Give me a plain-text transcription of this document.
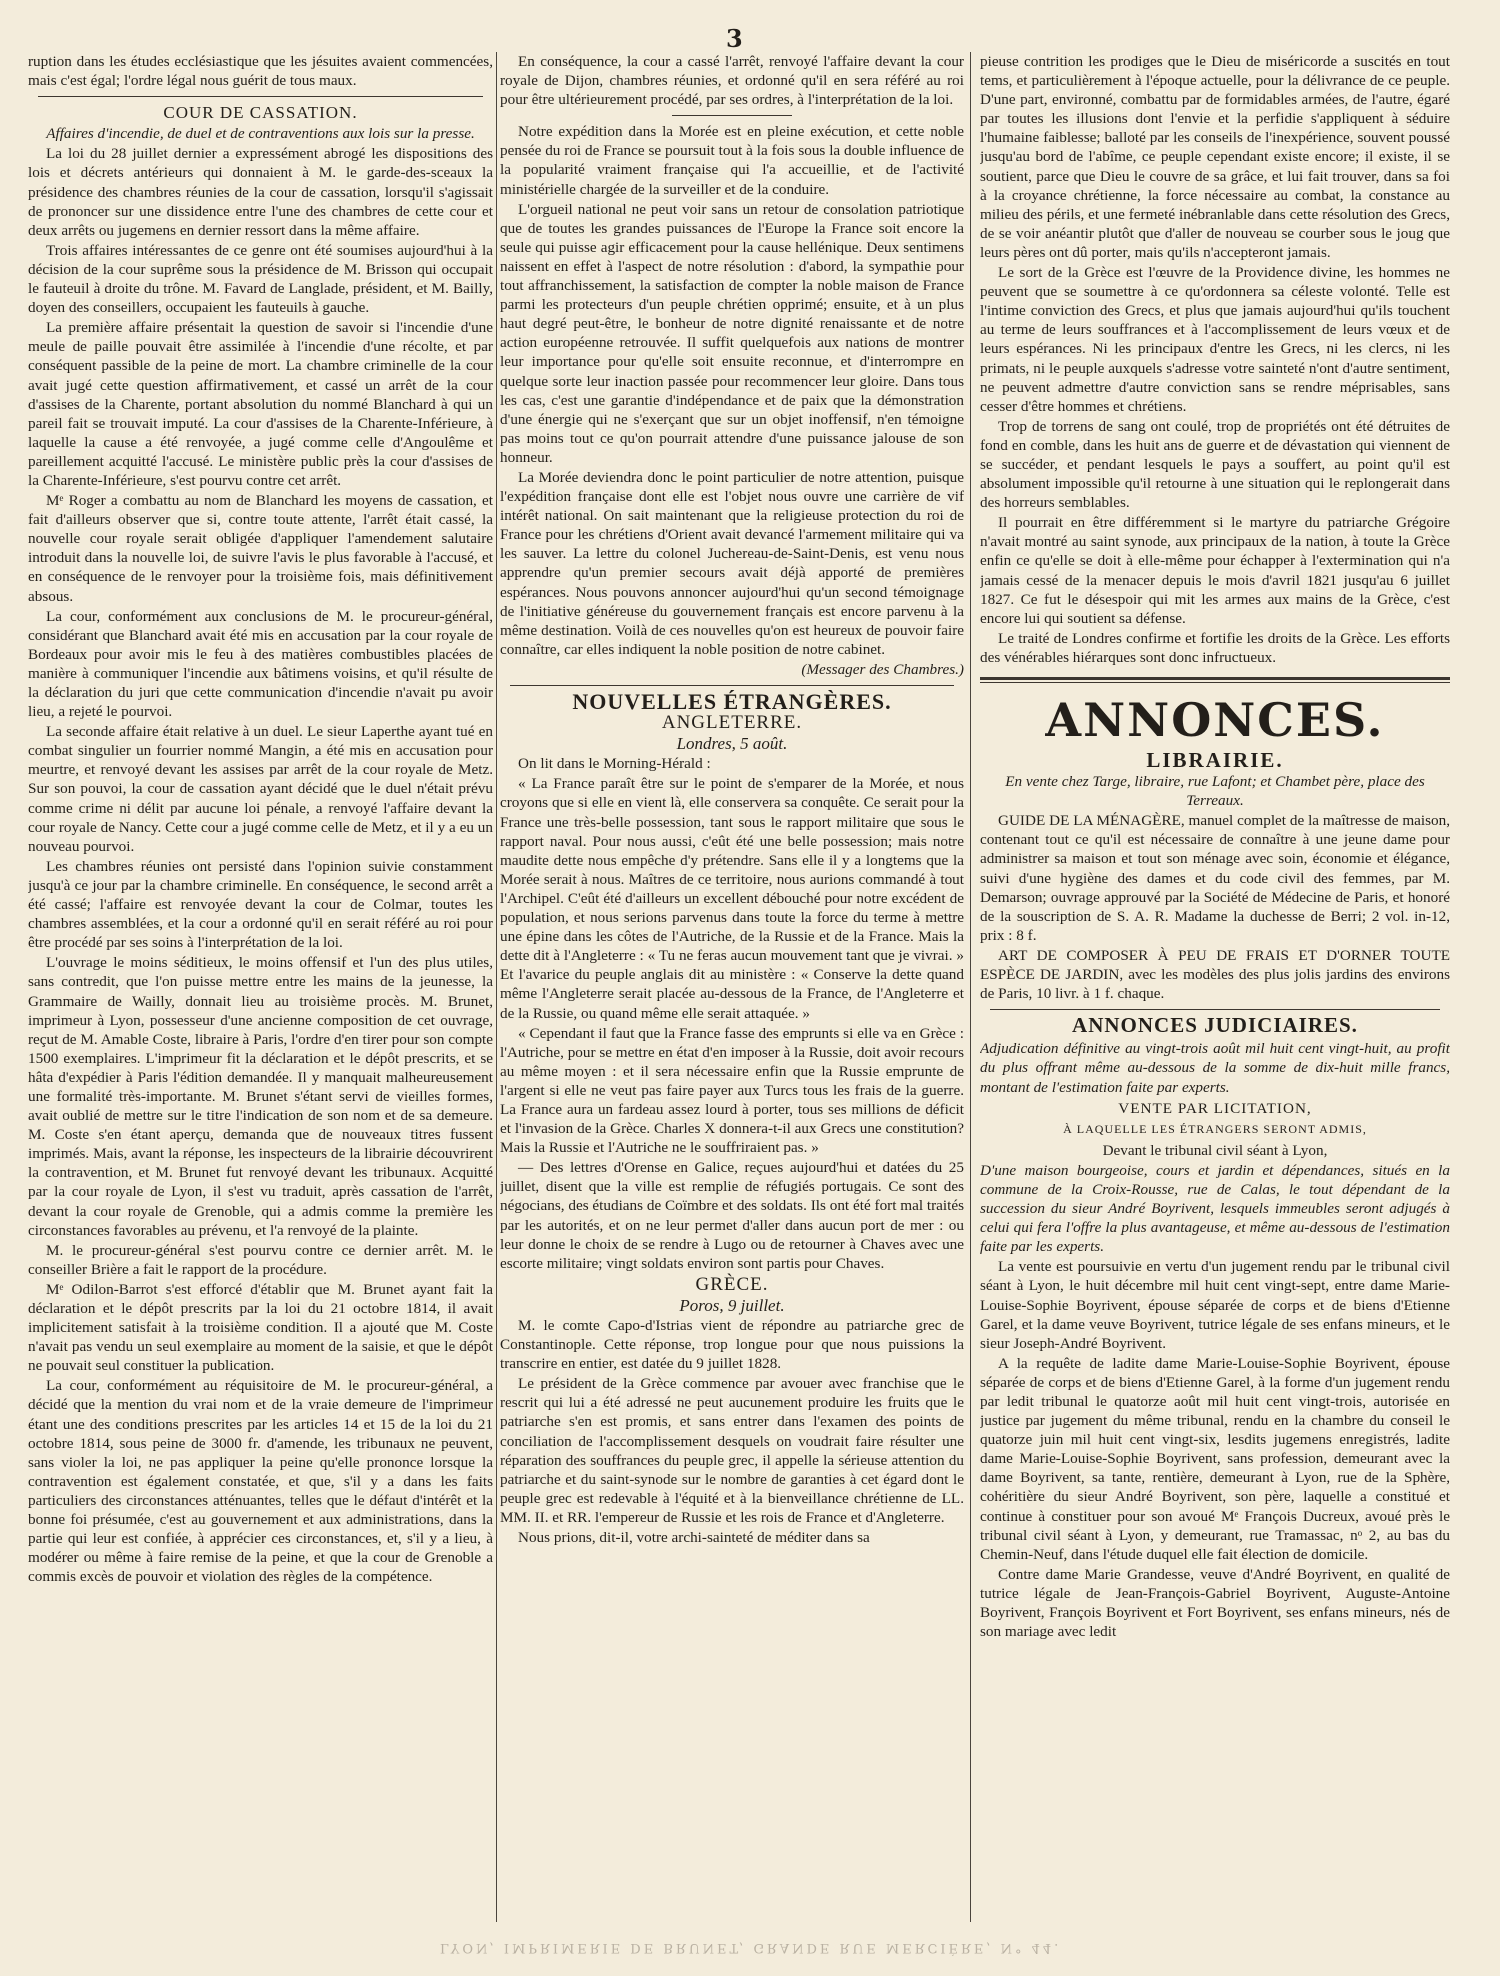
3

ruption dans les études ecclésiastique que les jésuites avaient commencées, mais c'est égal; l'ordre légal nous guérit de tous maux.

COUR DE CASSATION.
Affaires d'incendie, de duel et de contraventions aux lois sur la presse.

La loi du 28 juillet dernier a expressément abrogé les dispositions des lois et décrets antérieurs qui donnaient à M. le garde-des-sceaux la présidence des chambres réunies de la cour de cassation, lorsqu'il s'agissait de prononcer sur une dissidence entre l'une des chambres de cette cour et deux arrêts ou jugemens en dernier ressort dans la même affaire.

Trois affaires intéressantes de ce genre ont été soumises aujourd'hui à la décision de la cour suprême sous la présidence de M. Brisson qui occupait le fauteuil à droite du trône. M. Favard de Langlade, président, et M. Bailly, doyen des conseillers, occupaient les fauteuils à gauche.

La première affaire présentait la question de savoir si l'incendie d'une meule de paille pouvait être assimilée à l'incendie d'une récolte, et par conséquent passible de la peine de mort. La chambre criminelle de la cour avait jugé cette question affirmativement, et cassé un arrêt de la cour d'assises de la Charente, portant absolution du nommé Blanchard à qui un pareil fait se trouvait imputé. La cour d'assises de la Charente-Inférieure, à laquelle la cause a été renvoyée, a jugé comme celle d'Angoulême et pareillement acquitté l'accusé. Le ministère public près la cour d'assises de la Charente-Inférieure, s'est pourvu contre cet arrêt.

Mᵉ Roger a combattu au nom de Blanchard les moyens de cassation, et fait d'ailleurs observer que si, contre toute attente, l'arrêt était cassé, la nouvelle cour royale serait obligée d'appliquer l'amendement salutaire introduit dans la nouvelle loi, de suivre l'avis le plus favorable à l'accusé, et en conséquence de le renvoyer pour la troisième fois, mais définitivement absous.

La cour, conformément aux conclusions de M. le procureur-général, considérant que Blanchard avait été mis en accusation par la cour royale de Bordeaux pour avoir mis le feu à des matières combustibles placées de manière à communiquer l'incendie aux bâtimens voisins, et qu'il résulte de la déclaration du juri que cette communication d'incendie n'avait pu avoir lieu, a rejeté le pourvoi.

La seconde affaire était relative à un duel. Le sieur Laperthe ayant tué en combat singulier un fourrier nommé Mangin, a été mis en accusation pour meurtre, et renvoyé devant les assises par arrêt de la cour royale de Metz. Sur son pouvoi, la cour de cassation ayant décidé que le duel n'était prévu comme crime ni délit par aucune loi pénale, a renvoyé l'affaire devant la cour royale de Nancy. Cette cour a jugé comme celle de Metz, et il y a eu un nouveau pourvoi.

Les chambres réunies ont persisté dans l'opinion suivie constamment jusqu'à ce jour par la chambre criminelle. En conséquence, le second arrêt a été cassé; l'affaire est renvoyée devant la cour de Colmar, toutes les chambres assemblées, et la cour a ordonné qu'il en serait référé au roi pour être procédé par ses soins à l'interprétation de la loi.

L'ouvrage le moins séditieux, le moins offensif et l'un des plus utiles, sans contredit, que l'on puisse mettre entre les mains de la jeunesse, la Grammaire de Wailly, donnait lieu au troisième procès. M. Brunet, imprimeur à Lyon, possesseur d'une ancienne composition de cet ouvrage, reçut de M. Amable Coste, libraire à Paris, l'ordre d'en tirer pour son compte 1500 exemplaires. L'imprimeur fit la déclaration et le dépôt prescrits, et se hâta d'expédier à Paris l'édition demandée. Il y manquait malheureusement une formalité très-importante. M. Brunet s'étant servi de vieilles formes, avait oublié de mettre sur le titre l'indication de son nom et de sa demeure. M. Coste s'en étant aperçu, demanda que de nouveaux titres fussent imprimés. Mais, avant la réponse, les inspecteurs de la librairie découvrirent la contravention, et M. Brunet fut renvoyé devant les tribunaux. Acquitté par la cour royale de Lyon, il s'est vu traduit, après cassation de l'arrêt, devant la cour royale de Grenoble, qui a admis comme la première les circonstances favorables au prévenu, et l'a renvoyé de la plainte.

M. le procureur-général s'est pourvu contre ce dernier arrêt. M. le conseiller Brière a fait le rapport de la procédure.

Mᵉ Odilon-Barrot s'est efforcé d'établir que M. Brunet ayant fait la déclaration et le dépôt prescrits par la loi du 21 octobre 1814, il avait implicitement satisfait à la troisième condition. Il a ajouté que M. Coste n'avait pas vendu un seul exemplaire au moment de la saisie, et que le dépôt ne pouvait seul constituer la publication.

La cour, conformément au réquisitoire de M. le procureur-général, a décidé que la mention du vrai nom et de la vraie demeure de l'imprimeur étant une des conditions prescrites par les articles 14 et 15 de la loi du 21 octobre 1814, sous peine de 3000 fr. d'amende, les tribunaux ne peuvent, sans violer la loi, ne pas appliquer la peine qu'elle prononce lorsque la contravention est également constatée, et que, s'il y a dans les faits particuliers des circonstances atténuantes, telles que le défaut d'intérêt et la bonne foi présumée, c'est au gouvernement et aux administrations, dans la partie qui leur est confiée, à apprécier ces circonstances, et, s'il y a lieu, à modérer ou même à faire remise de la peine, et que la cour de Grenoble a commis excès de pouvoir et violation des règles de la compétence.

En conséquence, la cour a cassé l'arrêt, renvoyé l'affaire devant la cour royale de Dijon, chambres réunies, et ordonné qu'il en sera référé au roi pour être ultérieurement procédé, par ses ordres, à l'interprétation de la loi.

Notre expédition dans la Morée est en pleine exécution, et cette noble pensée du roi de France se poursuit tout à la fois sous la double influence de la popularité vraiment française qui l'a accueillie, et de l'activité ministérielle chargée de la surveiller et de la conduire.

L'orgueil national ne peut voir sans un retour de consolation patriotique que de toutes les grandes puissances de l'Europe la France soit encore la seule qui puisse agir efficacement pour la cause hellénique. Deux sentimens naissent en effet à l'aspect de notre résolution : d'abord, la sympathie pour tout affranchissement, la satisfaction de compter la noble maison de France parmi les protecteurs d'un peuple chrétien opprimé; ensuite, et à un plus haut degré peut-être, le bonheur de notre dignité renaissante et de notre action européenne retrouvée. Il suffit quelquefois aux nations de montrer leur importance pour qu'elle soit ensuite reconnue, et d'interrompre en quelque sorte leur inaction passée pour recommencer leur gloire. Dans tous les cas, c'est une garantie d'indépendance et de paix que la démonstration d'une énergie qui ne s'exerçant que sur un objet inoffensif, n'en témoigne pas moins tout ce qu'on pourrait attendre d'une puissance jalouse de son honneur.

La Morée deviendra donc le point particulier de notre attention, puisque l'expédition française dont elle est l'objet nous ouvre une carrière de vif intérêt national. On sait maintenant que la religieuse protection du roi de France pour les chrétiens d'Orient avait devancé l'armement militaire qui va les sauver. La lettre du colonel Juchereau-de-Saint-Denis, est venu nous apprendre qu'un premier secours avait déjà apporté de premières espérances. Nous pouvons annoncer aujourd'hui qu'un second témoignage de l'initiative généreuse du gouvernement français est encore parvenu à la même destination. Voilà de ces nouvelles qu'on est heureux de pouvoir faire connaître, car elles indiquent la noble position de notre cabinet.

(Messager des Chambres.)
NOUVELLES ÉTRANGÈRES.
ANGLETERRE.
Londres, 5 août.

On lit dans le Morning-Hérald :

« La France paraît être sur le point de s'emparer de la Morée, et nous croyons que si elle en vient là, elle conservera sa conquête. Ce serait pour la France une très-belle possession, tant sous le rapport militaire que sous le rapport naval. Pour nous aussi, c'eût été une belle possession; mais notre maudite dette nous empêche d'y prétendre. Sans elle il y a longtems que la Morée serait à nous. Maîtres de ce territoire, nous aurions commandé à tout l'Archipel. C'eût été d'ailleurs un excellent débouché pour notre excédent de population, et nous serions parvenus dans toute la force du terme à mettre une épine dans les côtes de l'Autriche, de la Russie et de la France. Mais la dette dit à l'Angleterre : « Tu ne feras aucun mouvement tant que je vivrai. » Et l'avarice du peuple anglais dit au ministère : « Conserve la dette quand même l'Angleterre serait placée au-dessous de la France, de l'Angleterre et de la Russie, ou quand même elle serait attaquée. »

« Cependant il faut que la France fasse des emprunts si elle va en Grèce : l'Autriche, pour se mettre en état d'en imposer à la Russie, doit avoir recours au même moyen : et il sera nécessaire enfin que la Russie emprunte de l'argent si elle ne veut pas faire payer aux Turcs tous les frais de la guerre. La France aura un fardeau assez lourd à porter, tous ses millions de déficit et l'invasion de la Grèce. Charles X donnera-t-il aux Grecs une constitution? Mais la Russie et l'Autriche ne le souffriraient pas. »

— Des lettres d'Orense en Galice, reçues aujourd'hui et datées du 25 juillet, disent que la ville est remplie de réfugiés portugais. Ce sont des négocians, des étudians de Coïmbre et des soldats. Ils ont été fort mal traités par les autorités, et on ne leur permet d'aller dans aucun port de mer : ou leur donne le choix de se rendre à Lugo ou de retourner à Chaves avec une escorte militaire; vingt soldats environ sont partis pour Chaves.

GRÈCE.
Poros, 9 juillet.

M. le comte Capo-d'Istrias vient de répondre au patriarche grec de Constantinople. Cette réponse, trop longue pour que nous puissions la transcrire en entier, est datée du 9 juillet 1828.

Le président de la Grèce commence par avouer avec franchise que le rescrit qui lui a été adressé ne peut aucunement produire les fruits que le patriarche s'en est promis, et sans entrer dans l'examen des points de conciliation de l'accomplissement desquels on voudrait faire résulter une réparation des souffrances du peuple grec, il appelle la sérieuse attention du patriarche et du saint-synode sur le nombre de garanties à cet égard dont le peuple grec est redevable à l'équité et à la bienveillance chrétienne de LL. MM. II. et RR. l'empereur de Russie et les rois de France et d'Angleterre.

Nous prions, dit-il, votre archi-sainteté de méditer dans sa

pieuse contrition les prodiges que le Dieu de miséricorde a suscités en tout tems, et particulièrement à l'époque actuelle, pour la délivrance de ce peuple. D'une part, environné, combattu par de formidables armées, de l'autre, égaré par toutes les illusions dont l'envie et la perfidie s'appliquent à séduire l'humaine faiblesse; balloté par les conseils de l'inexpérience, souvent poussé jusqu'au bord de l'abîme, ce peuple cependant existe encore; il existe, il se soutient, parce que Dieu le couvre de sa grâce, et lui fait trouver, dans sa foi à la croyance chrétienne, la force nécessaire au combat, la constance au milieu des périls, et une fermeté inébranlable dans cette résolution des Grecs, de se voir anéantir plutôt que d'aller de nouveau se courber sous le joug que leurs pères ont dû porter, mais qu'ils n'accepteront jamais.

Le sort de la Grèce est l'œuvre de la Providence divine, les hommes ne peuvent que se soumettre à ce qu'ordonnera sa céleste volonté. Telle est l'intime conviction des Grecs, et plus que jamais aujourd'hui qu'ils touchent au terme de leurs souffrances et à l'accomplissement de leurs vœux et de leurs espérances. Ni les principaux d'entre les Grecs, ni les clercs, ni les primats, ni le peuple auxquels s'adresse votre sainteté n'ont d'autre sentiment, ne peuvent admettre d'autre conviction sans se rendre méprisables, sans cesser d'être hommes et chrétiens.

Trop de torrens de sang ont coulé, trop de propriétés ont été détruites de fond en comble, dans les huit ans de guerre et de dévastation qui viennent de se succéder, et pendant lesquels le pays a souffert, au point qu'il est absolument impossible qu'il retourne à une situation qui le replongerait dans des horreurs semblables.

Il pourrait en être différemment si le martyre du patriarche Grégoire n'avait montré au saint synode, aux principaux de la nation, à toute la Grèce enfin ce qu'elle se doit à elle-même pour échapper à l'extermination qui n'a jamais cessé de la menacer depuis le mois d'avril 1821 jusqu'au 6 juillet 1827. Ce fut le désespoir qui mit les armes aux mains de la Grèce, c'est encore lui qui soutient sa défense.

Le traité de Londres confirme et fortifie les droits de la Grèce. Les efforts des vénérables hiérarques sont donc infructueux.

ANNONCES.
LIBRAIRIE.
En vente chez Targe, libraire, rue Lafont; et Chambet père, place des Terreaux.

GUIDE DE LA MÉNAGÈRE, manuel complet de la maîtresse de maison, contenant tout ce qu'il est nécessaire de connaître à une jeune dame pour administrer sa maison et tout son ménage avec soin, économie et élégance, suivi d'une hygiène des dames et du code civil des femmes, par M. Demarson; ouvrage approuvé par la Société de Médecine de Paris, et honoré de la souscription de S. A. R. Madame la duchesse de Berri; 2 vol. in-12, prix : 8 f.

ART DE COMPOSER À PEU DE FRAIS ET D'ORNER TOUTE ESPÈCE DE JARDIN, avec les modèles des plus jolis jardins des environs de Paris, 10 livr. à 1 f. chaque.

ANNONCES JUDICIAIRES.

Adjudication définitive au vingt-trois août mil huit cent vingt-huit, au profit du plus offrant même au-dessous de la somme de dix-huit mille francs, montant de l'estimation faite par experts.

VENTE PAR LICITATION,
À LAQUELLE LES ÉTRANGERS SERONT ADMIS,
Devant le tribunal civil séant à Lyon,

D'une maison bourgeoise, cours et jardin et dépendances, situés en la commune de la Croix-Rousse, rue de Calas, le tout dépendant de la succession du sieur André Boyrivent, lesquels immeubles seront adjugés à celui qui fera l'offre la plus avantageuse, et même au-dessous de l'estimation faite par les experts.

La vente est poursuivie en vertu d'un jugement rendu par le tribunal civil séant à Lyon, le huit décembre mil huit cent vingt-sept, entre dame Marie-Louise-Sophie Boyrivent, épouse séparée de corps et de biens d'Etienne Garel, et la dame veuve Boyrivent, tutrice légale de ses enfans mineurs, et le sieur Joseph-André Boyrivent.

A la requête de ladite dame Marie-Louise-Sophie Boyrivent, épouse séparée de corps et de biens d'Etienne Garel, à la forme d'un jugement rendu par ledit tribunal le quatorze août mil huit cent vingt-trois, autorisée en justice par jugement du même tribunal, rendu en la chambre du conseil le quatorze juin mil huit cent vingt-six, lesdits jugemens enregistrés, ladite dame Marie-Louise-Sophie Boyrivent, sans profession, demeurant avec la dame Boyrivent, sa tante, rentière, demeurant à Lyon, rue de la Sphère, cohéritière du sieur André Boyrivent, son père, laquelle a constitué et continue à constituer pour son avoué Mᵉ François Ducreux, avoué près le tribunal civil séant à Lyon, y demeurant, rue Tramassac, nᵒ 2, au bas du Chemin-Neuf, dans l'étude duquel elle fait élection de domicile.

Contre dame Marie Grandesse, veuve d'André Boyrivent, en qualité de tutrice légale de Jean-François-Gabriel Boyrivent, Auguste-Antoine Boyrivent, François Boyrivent et Fort Boyrivent, ses enfans mineurs, nés de son mariage avec ledit

LYON, IMPRIMERIE DE BRUNET, GRANDE RUE MERCIÈRE, N° 44.
